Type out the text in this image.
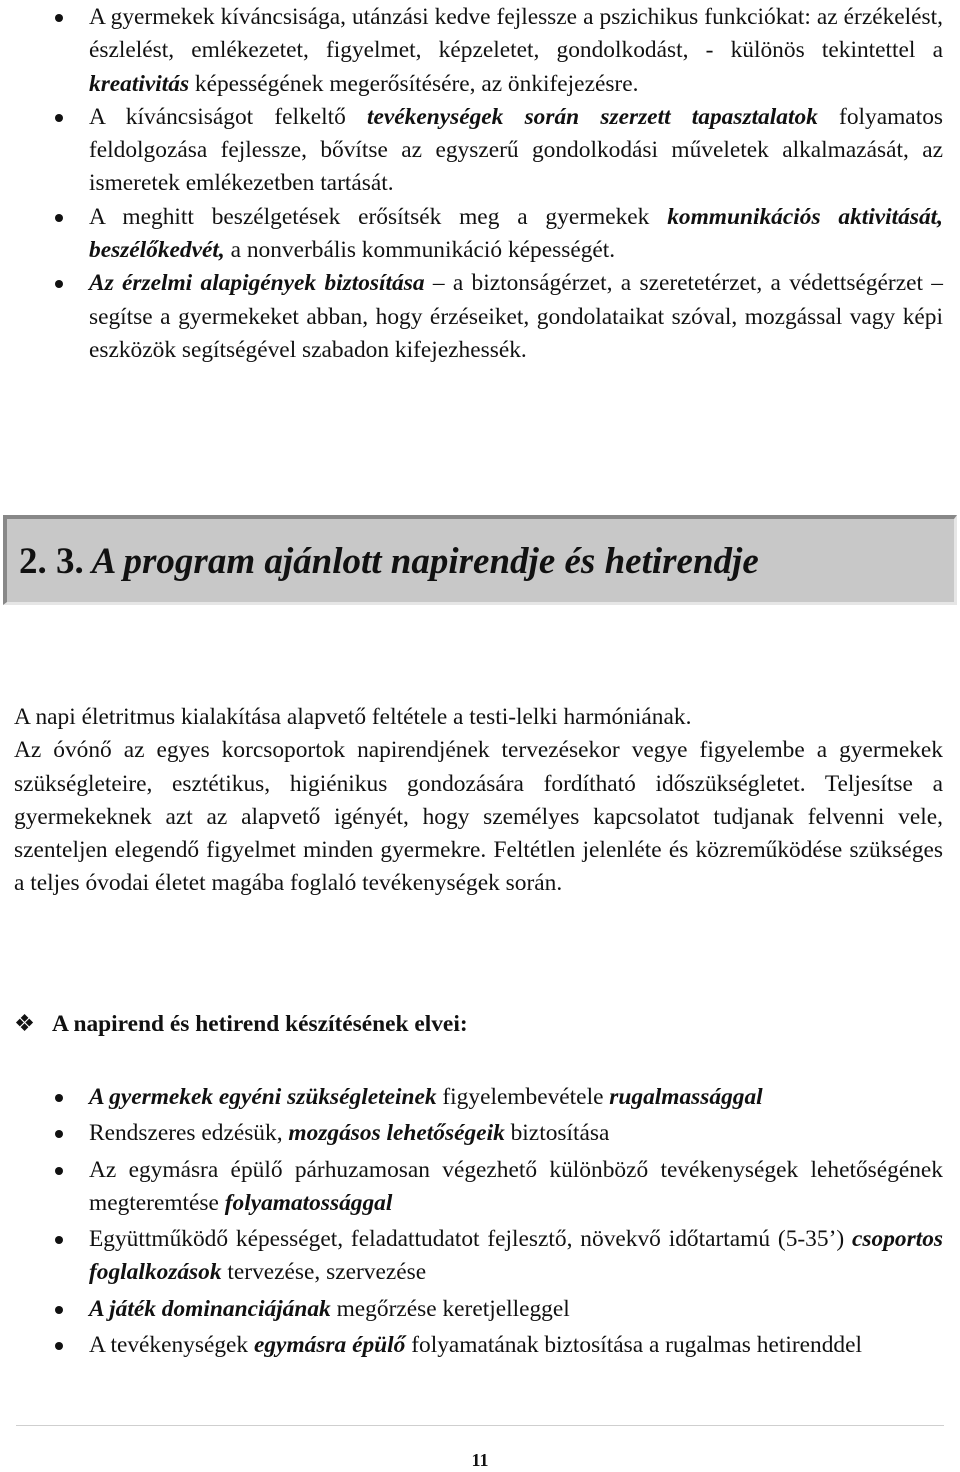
A gyermekek kíváncsisága, utánzási kedve fejlessze a pszichikus funkciókat: az érzékelést, észlelést, emlékezetet, figyelmet, képzeletet, gondolkodást, - különös tekintettel a kreativitás képességének megerősítésére, az önkifejezésre.
A kíváncsiságot felkeltő tevékenységek során szerzett tapasztalatok folyamatos feldolgozása fejlessze, bővítse az egyszerű gondolkodási műveletek alkalmazását, az ismeretek emlékezetben tartását.
A meghitt beszélgetések erősítsék meg a gyermekek kommunikációs aktivitását, beszélőkedvét, a nonverbális kommunikáció képességét.
Az érzelmi alapigények biztosítása – a biztonságérzet, a szeretetérzet, a védettségérzet – segítse a gyermekeket abban, hogy érzéseiket, gondolataikat szóval, mozgással vagy képi eszközök segítségével szabadon kifejezhessék.
2. 3. A program ajánlott napirendje és hetirendje
A napi életritmus kialakítása alapvető feltétele a testi-lelki harmóniának.
Az óvónő az egyes korcsoportok napirendjének tervezésekor vegye figyelembe a gyermekek szükségleteire, esztétikus, higiénikus gondozására fordítható időszükségletet. Teljesítse a gyermekeknek azt az alapvető igényét, hogy személyes kapcsolatot tudjanak felvenni vele, szenteljen elegendő figyelmet minden gyermekre. Feltétlen jelenléte és közreműködése szükséges a teljes óvodai életet magába foglaló tevékenységek során.
❖ A napirend és hetirend készítésének elvei:
A gyermekek egyéni szükségleteinek figyelembevétele rugalmassággal
Rendszeres edzésük, mozgásos lehetőségeik biztosítása
Az egymásra épülő párhuzamosan végezhető különböző tevékenységek lehetőségének megteremtése folyamatossággal
Együttműködő képességet, feladattudatot fejlesztő, növekvő időtartamú (5-35’) csoportos foglalkozások tervezése, szervezése
A játék dominanciájának megőrzése keretjelleggel
A tevékenységek egymásra épülő folyamatának biztosítása a rugalmas hetirenddel
11
